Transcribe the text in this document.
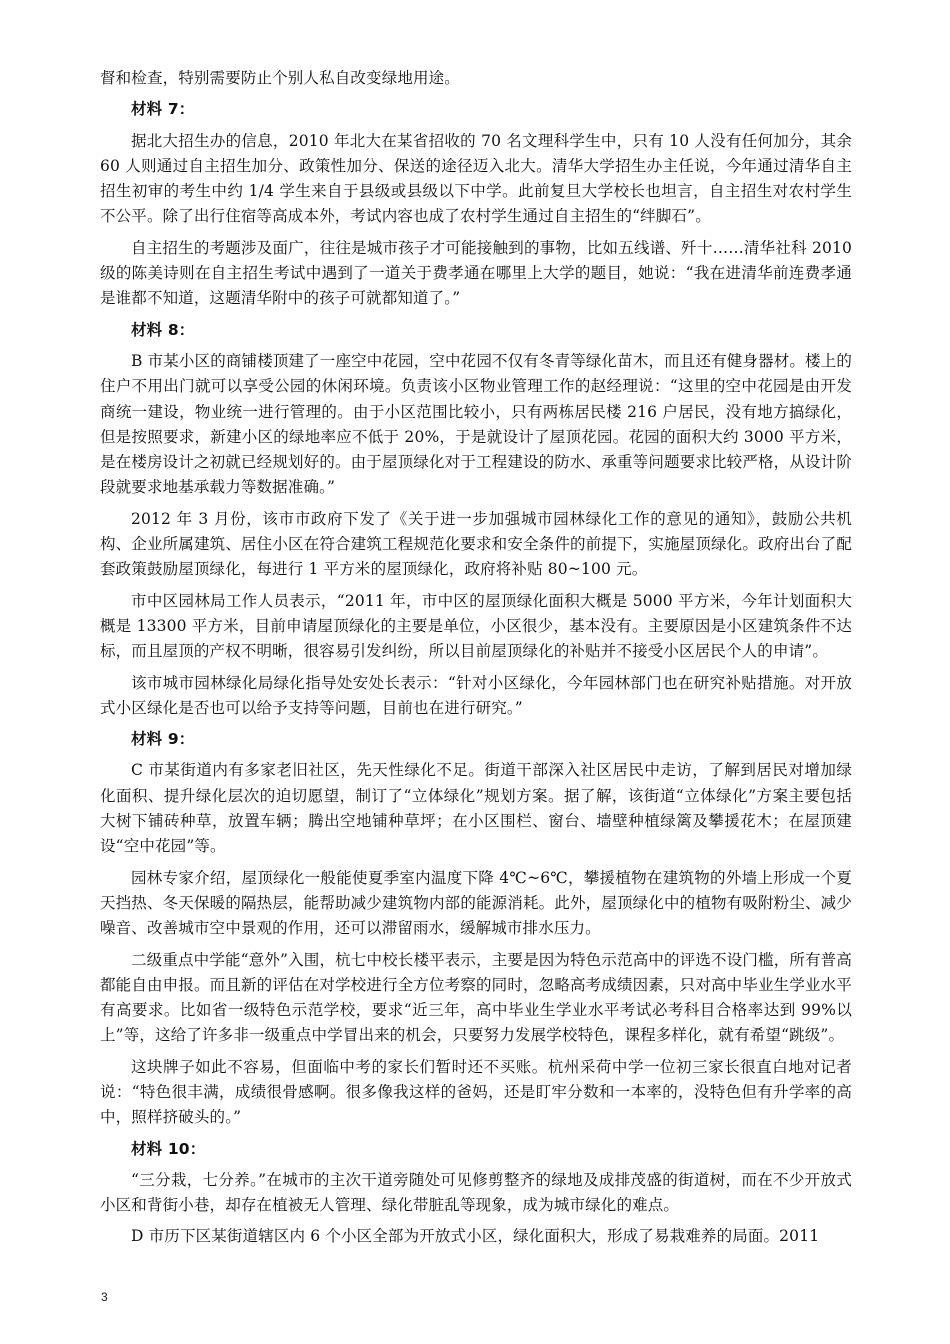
督和检查，特别需要防止个别人私自改变绿地用途。

材料 7：

据北大招生办的信息，2010 年北大在某省招收的 70 名文理科学生中，只有 10 人没有任何加分，其余 60 人则通过自主招生加分、政策性加分、保送的途径迈入北大。清华大学招生办主任说，今年通过清华自主招生初审的考生中约 1/4 学生来自于县级或县级以下中学。此前复旦大学校长也坦言，自主招生对农村学生不公平。除了出行住宿等高成本外，考试内容也成了农村学生通过自主招生的“绊脚石”。

自主招生的考题涉及面广，往往是城市孩子才可能接触到的事物，比如五线谱、歼十……清华社科 2010 级的陈美诗则在自主招生考试中遇到了一道关于费孝通在哪里上大学的题目，她说：“我在进清华前连费孝通是谁都不知道，这题清华附中的孩子可就都知道了。”

材料 8：

B 市某小区的商铺楼顶建了一座空中花园，空中花园不仅有冬青等绿化苗木，而且还有健身器材。楼上的住户不用出门就可以享受公园的休闲环境。负责该小区物业管理工作的赵经理说：“这里的空中花园是由开发商统一建设，物业统一进行管理的。由于小区范围比较小，只有两栋居民楼 216 户居民，没有地方搞绿化，但是按照要求，新建小区的绿地率应不低于 20%，于是就设计了屋顶花园。花园的面积大约 3000 平方米，是在楼房设计之初就已经规划好的。由于屋顶绿化对于工程建设的防水、承重等问题要求比较严格，从设计阶段就要求地基承载力等数据准确。”

2012 年 3 月份，该市市政府下发了《关于进一步加强城市园林绿化工作的意见的通知》，鼓励公共机构、企业所属建筑、居住小区在符合建筑工程规范化要求和安全条件的前提下，实施屋顶绿化。政府出台了配套政策鼓励屋顶绿化，每进行 1 平方米的屋顶绿化，政府将补贴 80~100 元。

市中区园林局工作人员表示，“2011 年，市中区的屋顶绿化面积大概是 5000 平方米，今年计划面积大概是 13300 平方米，目前申请屋顶绿化的主要是单位，小区很少，基本没有。主要原因是小区建筑条件不达标，而且屋顶的产权不明晰，很容易引发纠纷，所以目前屋顶绿化的补贴并不接受小区居民个人的申请”。

该市城市园林绿化局绿化指导处安处长表示：“针对小区绿化，今年园林部门也在研究补贴措施。对开放式小区绿化是否也可以给予支持等问题，目前也在进行研究。”

材料 9：

C 市某街道内有多家老旧社区，先天性绿化不足。街道干部深入社区居民中走访，了解到居民对增加绿化面积、提升绿化层次的迫切愿望，制订了“立体绿化”规划方案。据了解，该街道“立体绿化”方案主要包括大树下铺砖种草，放置车辆；腾出空地铺种草坪；在小区围栏、窗台、墙壁种植绿篱及攀援花木；在屋顶建设“空中花园”等。

园林专家介绍，屋顶绿化一般能使夏季室内温度下降 4℃~6℃，攀援植物在建筑物的外墙上形成一个夏天挡热、冬天保暖的隔热层，能帮助减少建筑物内部的能源消耗。此外，屋顶绿化中的植物有吸附粉尘、减少噪音、改善城市空中景观的作用，还可以滞留雨水，缓解城市排水压力。

二级重点中学能“意外”入围，杭七中校长楼平表示，主要是因为特色示范高中的评选不设门槛，所有普高都能自由申报。而且新的评估在对学校进行全方位考察的同时，忽略高考成绩因素，只对高中毕业生学业水平有高要求。比如省一级特色示范学校，要求“近三年，高中毕业生学业水平考试必考科目合格率达到 99%以上”等，这给了许多非一级重点中学冒出来的机会，只要努力发展学校特色，课程多样化，就有希望“跳级”。

这块牌子如此不容易，但面临中考的家长们暂时还不买账。杭州采荷中学一位初三家长很直白地对记者说：“特色很丰满，成绩很骨感啊。很多像我这样的爸妈，还是盯牢分数和一本率的，没特色但有升学率的高中，照样挤破头的。”

材料 10：

“三分栽，七分养。”在城市的主次干道旁随处可见修剪整齐的绿地及成排茂盛的街道树，而在不少开放式小区和背街小巷，却存在植被无人管理、绿化带脏乱等现象，成为城市绿化的难点。

D 市历下区某街道辖区内 6 个小区全部为开放式小区，绿化面积大，形成了易栽难养的局面。2011

3
